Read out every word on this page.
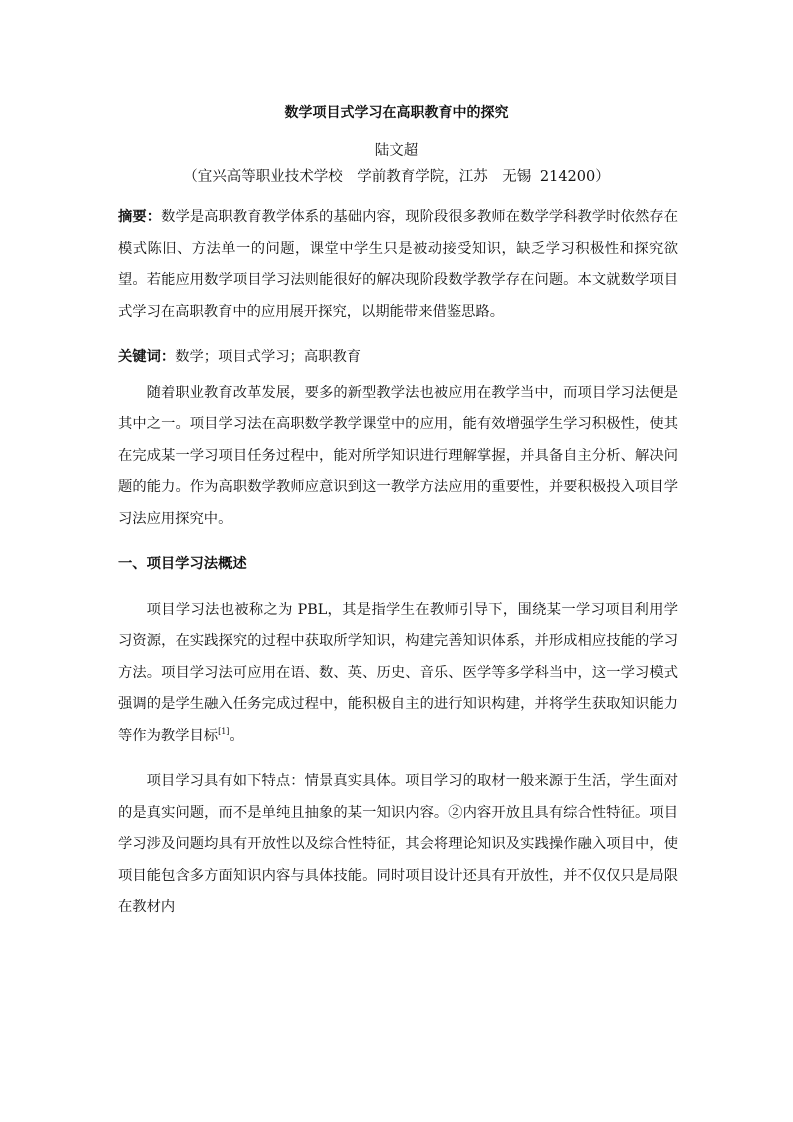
数学项目式学习在高职教育中的探究
陆文超
（宜兴高等职业技术学校　学前教育学院，江苏　无锡 214200）

摘要：数学是高职教育教学体系的基础内容，现阶段很多教师在数学学科教学时依然存在模式陈旧、方法单一的问题，课堂中学生只是被动接受知识，缺乏学习积极性和探究欲望。若能应用数学项目学习法则能很好的解决现阶段数学教学存在问题。本文就数学项目式学习在高职教育中的应用展开探究，以期能带来借鉴思路。

关键词：数学；项目式学习；高职教育

随着职业教育改革发展，要多的新型教学法也被应用在教学当中，而项目学习法便是其中之一。项目学习法在高职数学教学课堂中的应用，能有效增强学生学习积极性，使其在完成某一学习项目任务过程中，能对所学知识进行理解掌握，并具备自主分析、解决问题的能力。作为高职数学教师应意识到这一教学方法应用的重要性，并要积极投入项目学习法应用探究中。

一、项目学习法概述

项目学习法也被称之为 PBL，其是指学生在教师引导下，围绕某一学习项目利用学习资源，在实践探究的过程中获取所学知识，构建完善知识体系，并形成相应技能的学习方法。项目学习法可应用在语、数、英、历史、音乐、医学等多学科当中，这一学习模式强调的是学生融入任务完成过程中，能积极自主的进行知识构建，并将学生获取知识能力等作为教学目标[1]。

项目学习具有如下特点：情景真实具体。项目学习的取材一般来源于生活，学生面对的是真实问题，而不是单纯且抽象的某一知识内容。②内容开放且具有综合性特征。项目学习涉及问题均具有开放性以及综合性特征，其会将理论知识及实践操作融入项目中，使项目能包含多方面知识内容与具体技能。同时项目设计还具有开放性，并不仅仅只是局限在教材内
